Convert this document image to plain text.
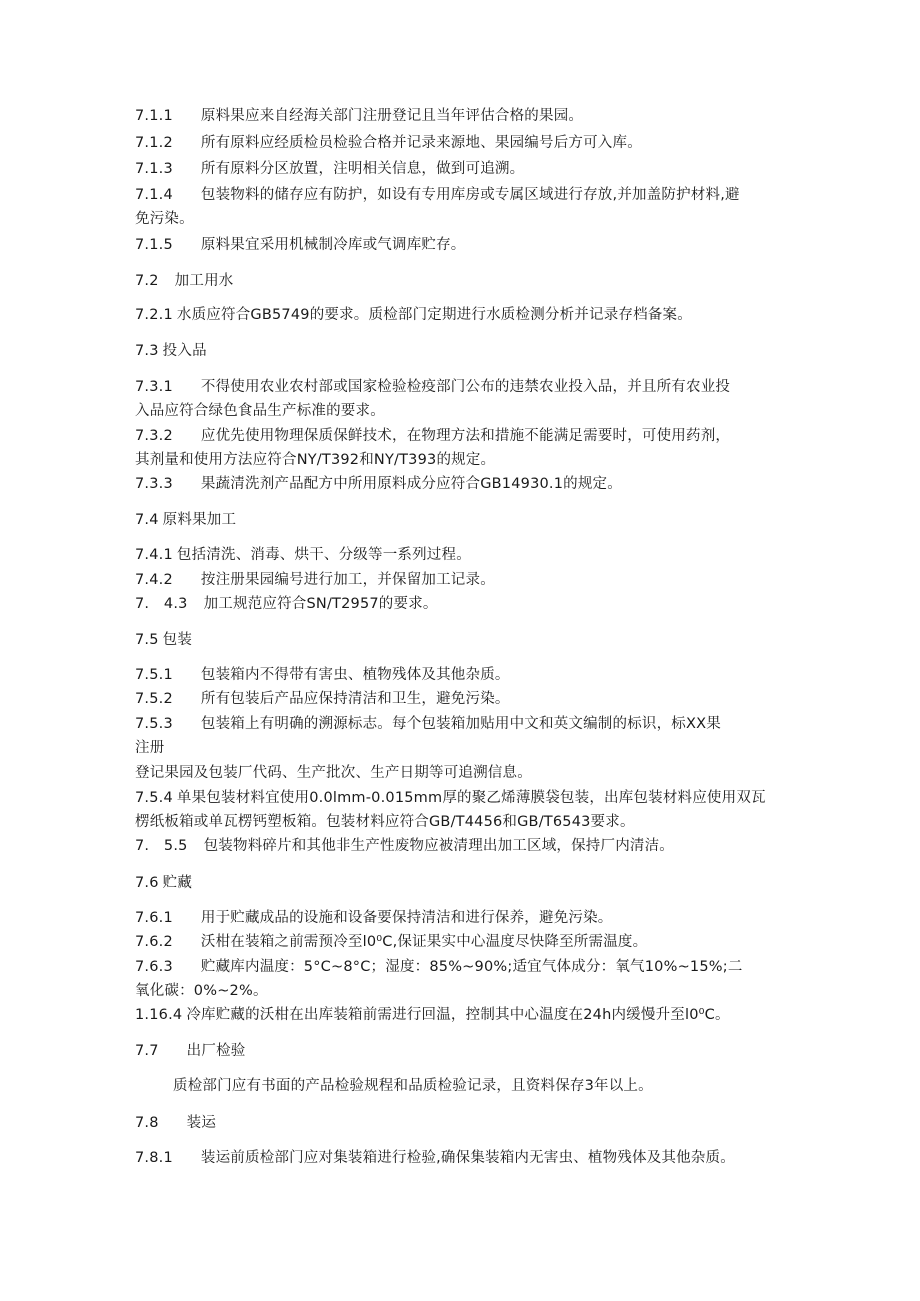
7.1.1 原料果应来自经海关部门注册登记且当年评估合格的果园。
7.1.2 所有原料应经质检员检验合格并记录来源地、果园编号后方可入库。
7.1.3 所有原料分区放置，注明相关信息，做到可追溯。
7.1.4 包装物料的储存应有防护，如设有专用库房或专属区域进行存放,并加盖防护材料,避
免污染。
7.1.5 原料果宜采用机械制冷库或气调库贮存。
7.2 加工用水
7.2.1 水质应符合GB5749的要求。质检部门定期进行水质检测分析并记录存档备案。
7.3 投入品
7.3.1 不得使用农业农村部或国家检验检疫部门公布的违禁农业投入品，并且所有农业投
入品应符合绿色食品生产标准的要求。
7.3.2 应优先使用物理保质保鲜技术，在物理方法和措施不能满足需要时，可使用药剂，
其剂量和使用方法应符合NY/T392和NY/T393的规定。
7.3.3 果蔬清洗剂产品配方中所用原料成分应符合GB14930.1的规定。
7.4 原料果加工
7.4.1 包括清洗、消毒、烘干、分级等一系列过程。
7.4.2 按注册果园编号进行加工，并保留加工记录。
7.　4.3 加工规范应符合SN/T2957的要求。
7.5 包装
7.5.1 包装箱内不得带有害虫、植物残体及其他杂质。
7.5.2 所有包装后产品应保持清洁和卫生，避免污染。
7.5.3 包装箱上有明确的溯源标志。每个包装箱加贴用中文和英文编制的标识，标XX果
注册
登记果园及包装厂代码、生产批次、生产日期等可追溯信息。
7.5.4 单果包装材料宜使用0.0lmm-0.015mm厚的聚乙烯薄膜袋包装，出库包装材料应使用双瓦
楞纸板箱或单瓦楞钙塑板箱。包装材料应符合GB/T4456和GB/T6543要求。
7.　5.5 包装物料碎片和其他非生产性废物应被清理出加工区域，保持厂内清洁。
7.6 贮藏
7.6.1 用于贮藏成品的设施和设备要保持清洁和进行保养，避免污染。
7.6.2 沃柑在装箱之前需预冷至l0⁰C,保证果实中心温度尽快降至所需温度。
7.6.3 贮藏库内温度：5°C~8°C；湿度：85%~90%;适宜气体成分：氧气10%~15%;二
氧化碳：0%~2%。
1.16.4 冷库贮藏的沃柑在出库装箱前需进行回温，控制其中心温度在24h内缓慢升至l0⁰C。
7.7 出厂检验
质检部门应有书面的产品检验规程和品质检验记录，且资料保存3年以上。
7.8 装运
7.8.1 装运前质检部门应对集装箱进行检验,确保集装箱内无害虫、植物残体及其他杂质。
